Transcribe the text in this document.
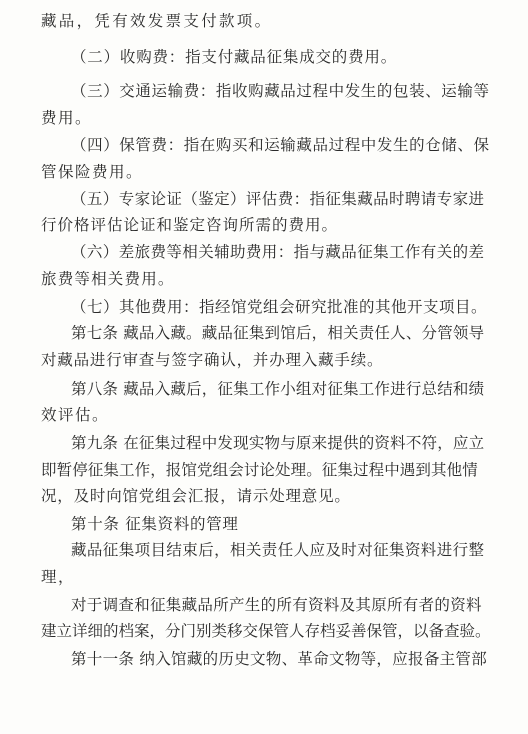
藏品，凭有效发票支付款项。
（二）收购费：指支付藏品征集成交的费用。
（三）交通运输费：指收购藏品过程中发生的包装、运输等
费用。
（四）保管费：指在购买和运输藏品过程中发生的仓储、保
管保险费用。
（五）专家论证（鉴定）评估费：指征集藏品时聘请专家进
行价格评估论证和鉴定咨询所需的费用。
（六）差旅费等相关辅助费用：指与藏品征集工作有关的差
旅费等相关费用。
（七）其他费用：指经馆党组会研究批准的其他开支项目。
第七条 藏品入藏。藏品征集到馆后，相关责任人、分管领导
对藏品进行审查与签字确认，并办理入藏手续。
第八条 藏品入藏后，征集工作小组对征集工作进行总结和绩
效评估。
第九条 在征集过程中发现实物与原来提供的资料不符，应立
即暂停征集工作，报馆党组会讨论处理。征集过程中遇到其他情
况，及时向馆党组会汇报，请示处理意见。
第十条 征集资料的管理
藏品征集项目结束后，相关责任人应及时对征集资料进行整
理，
对于调查和征集藏品所产生的所有资料及其原所有者的资料
建立详细的档案，分门别类移交保管人存档妥善保管，以备查验。
第十一条 纳入馆藏的历史文物、革命文物等，应报备主管部
